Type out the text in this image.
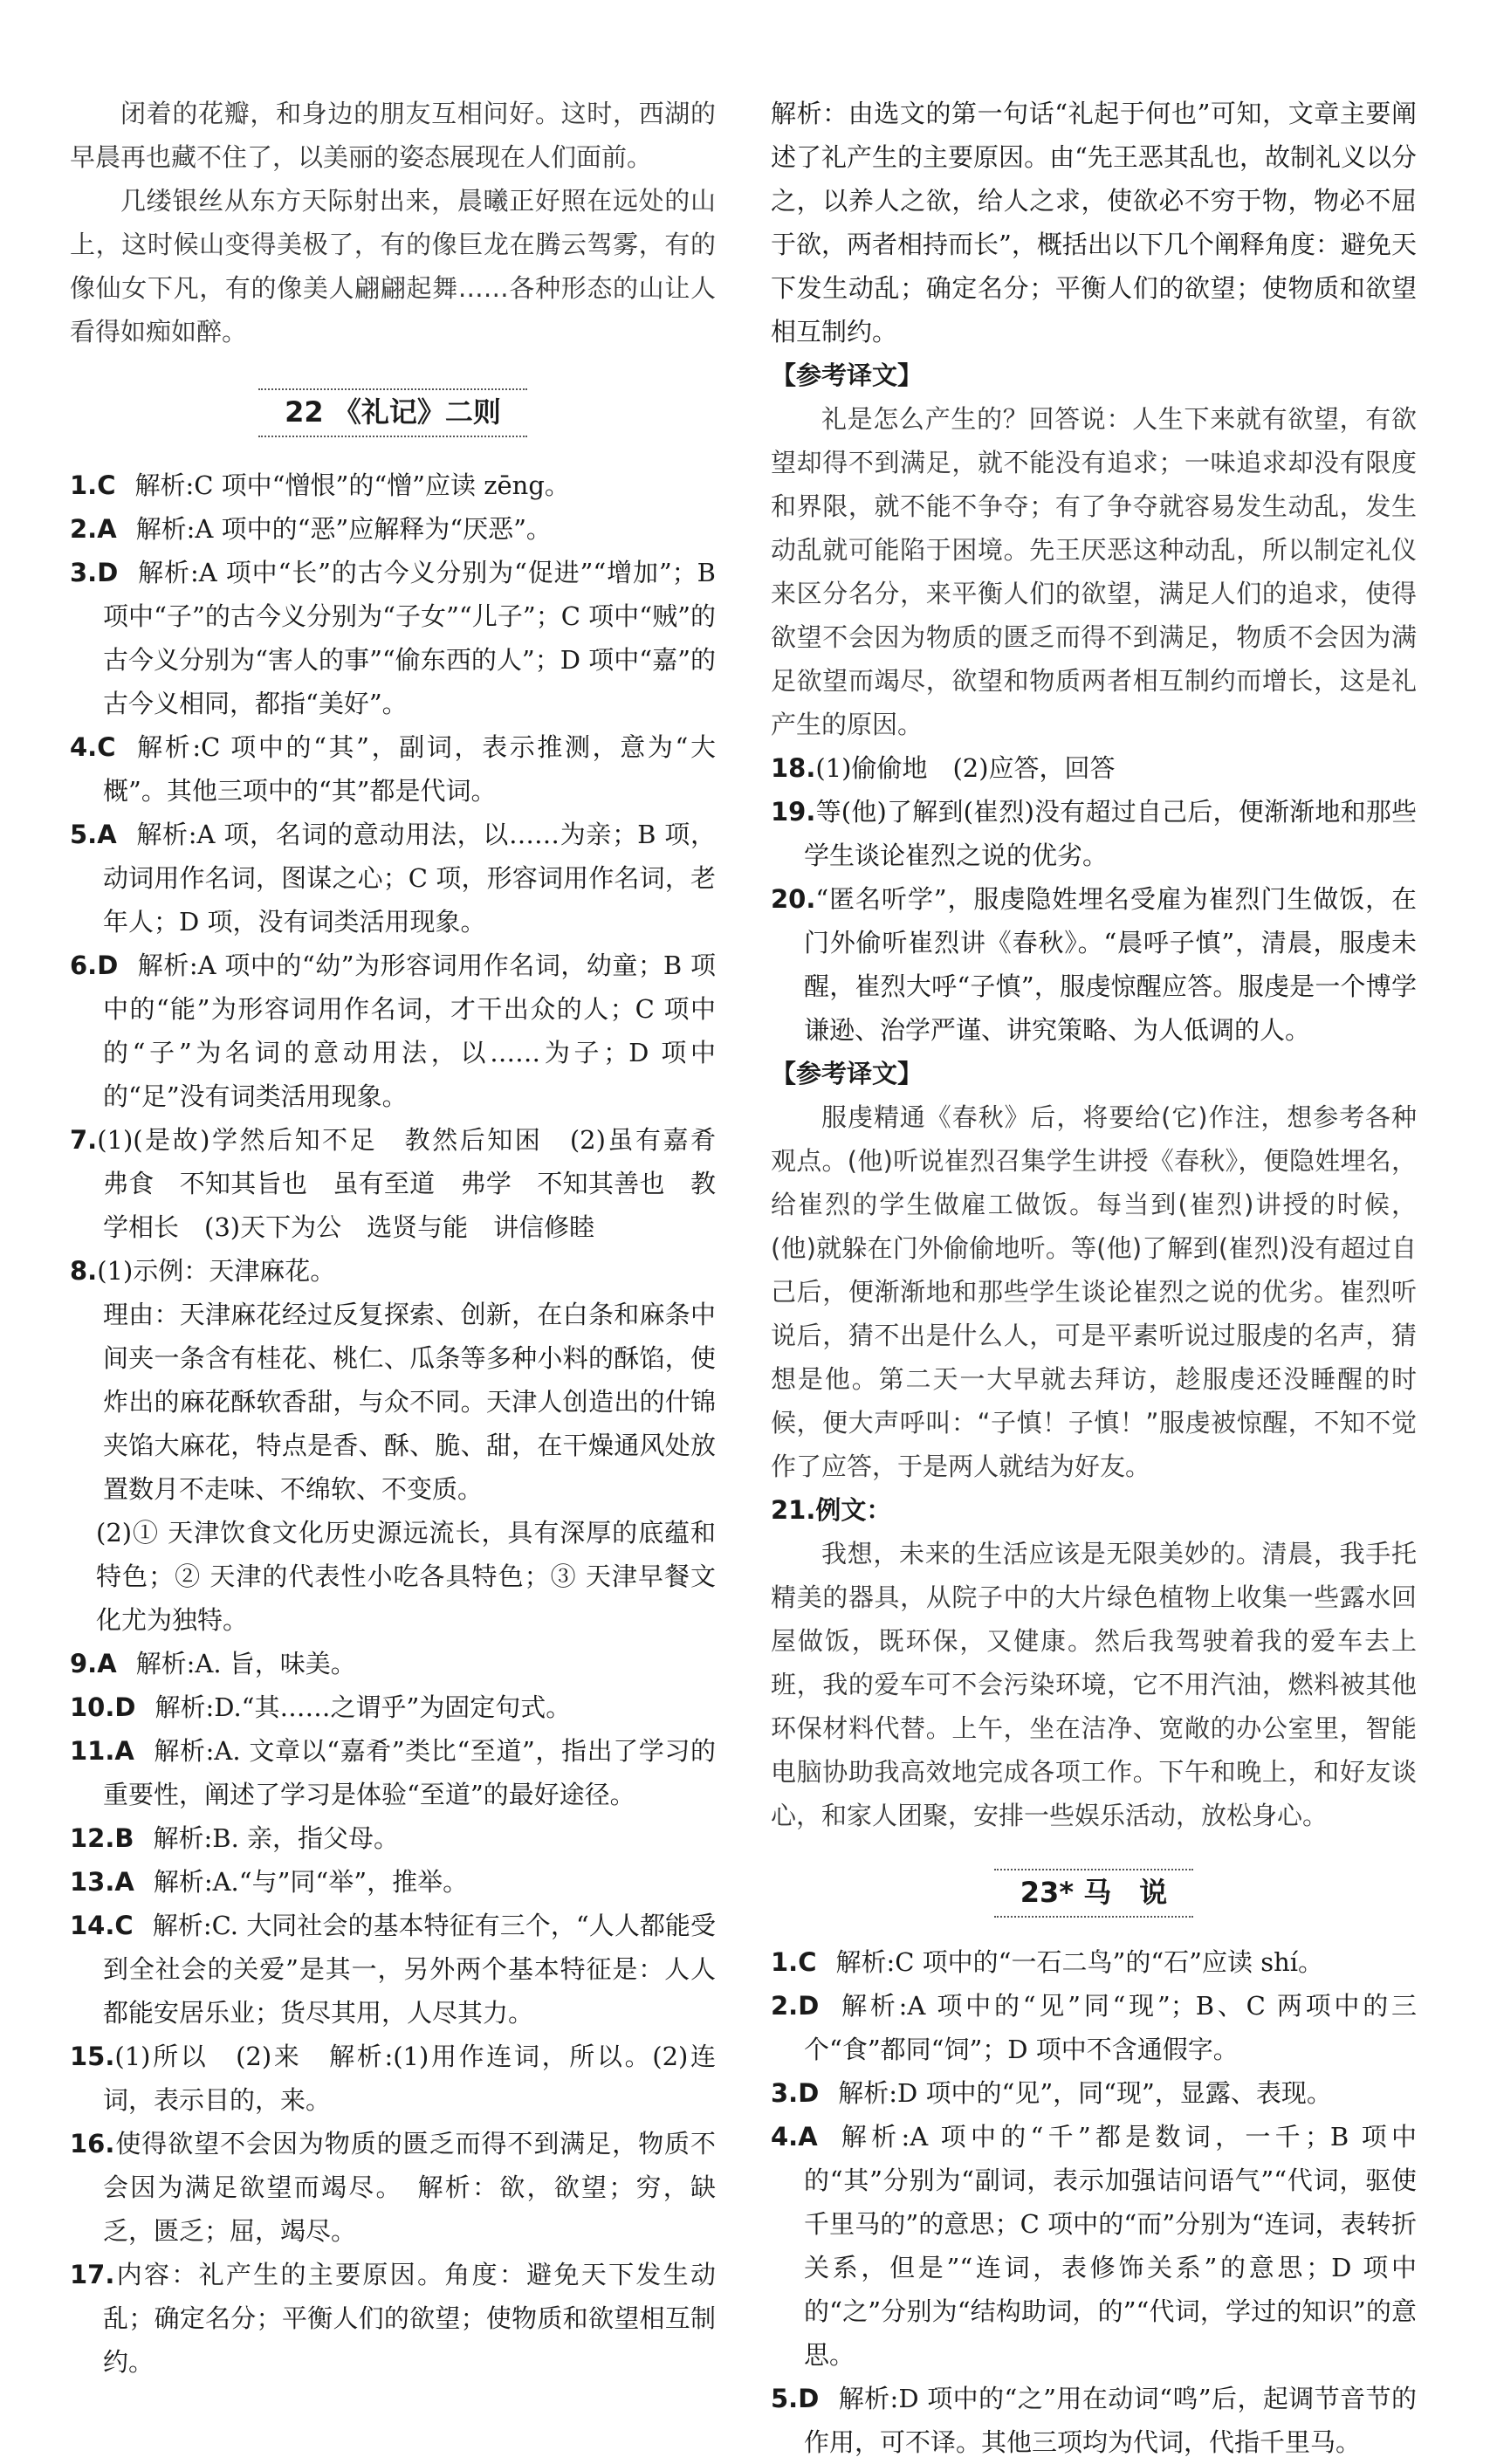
闭着的花瓣，和身边的朋友互相问好。这时，西湖的早晨再也藏不住了，以美丽的姿态展现在人们面前。

几缕银丝从东方天际射出来，晨曦正好照在远处的山上，这时候山变得美极了，有的像巨龙在腾云驾雾，有的像仙女下凡，有的像美人翩翩起舞……各种形态的山让人看得如痴如醉。

22 《礼记》二则

1.C 解析:C 项中“憎恨”的“憎”应读 zēng。

2.A 解析:A 项中的“恶”应解释为“厌恶”。

3.D 解析:A 项中“长”的古今义分别为“促进”“增加”；B 项中“子”的古今义分别为“子女”“儿子”；C 项中“贼”的古今义分别为“害人的事”“偷东西的人”；D 项中“嘉”的古今义相同，都指“美好”。

4.C 解析:C 项中的“其”，副词，表示推测，意为“大概”。其他三项中的“其”都是代词。

5.A 解析:A 项，名词的意动用法，以……为亲；B 项，动词用作名词，图谋之心；C 项，形容词用作名词，老年人；D 项，没有词类活用现象。

6.D 解析:A 项中的“幼”为形容词用作名词，幼童；B 项中的“能”为形容词用作名词，才干出众的人；C 项中的“子”为名词的意动用法，以……为子；D 项中的“足”没有词类活用现象。

7.(1)(是故)学然后知不足　教然后知困　(2)虽有嘉肴　弗食　不知其旨也　虽有至道　弗学　不知其善也　教学相长　(3)天下为公　选贤与能　讲信修睦

8.(1)示例：天津麻花。

理由：天津麻花经过反复探索、创新，在白条和麻条中间夹一条含有桂花、桃仁、瓜条等多种小料的酥馅，使炸出的麻花酥软香甜，与众不同。天津人创造出的什锦夹馅大麻花，特点是香、酥、脆、甜，在干燥通风处放置数月不走味、不绵软、不变质。

(2)① 天津饮食文化历史源远流长，具有深厚的底蕴和特色；② 天津的代表性小吃各具特色；③ 天津早餐文化尤为独特。

9.A 解析:A. 旨，味美。

10.D 解析:D.“其……之谓乎”为固定句式。

11.A 解析:A. 文章以“嘉肴”类比“至道”，指出了学习的重要性，阐述了学习是体验“至道”的最好途径。

12.B 解析:B. 亲，指父母。

13.A 解析:A.“与”同“举”，推举。

14.C 解析:C. 大同社会的基本特征有三个，“人人都能受到全社会的关爱”是其一，另外两个基本特征是：人人都能安居乐业；货尽其用，人尽其力。

15.(1)所以　(2)来　解析:(1)用作连词，所以。(2)连词，表示目的，来。

16.使得欲望不会因为物质的匮乏而得不到满足，物质不会因为满足欲望而竭尽。　解析：欲，欲望；穷，缺乏，匮乏；屈，竭尽。

17.内容：礼产生的主要原因。角度：避免天下发生动乱；确定名分；平衡人们的欲望；使物质和欲望相互制约。

解析：由选文的第一句话“礼起于何也”可知，文章主要阐述了礼产生的主要原因。由“先王恶其乱也，故制礼义以分之，以养人之欲，给人之求，使欲必不穷于物，物必不屈于欲，两者相持而长”，概括出以下几个阐释角度：避免天下发生动乱；确定名分；平衡人们的欲望；使物质和欲望相互制约。

【参考译文】

礼是怎么产生的？回答说：人生下来就有欲望，有欲望却得不到满足，就不能没有追求；一味追求却没有限度和界限，就不能不争夺；有了争夺就容易发生动乱，发生动乱就可能陷于困境。先王厌恶这种动乱，所以制定礼仪来区分名分，来平衡人们的欲望，满足人们的追求，使得欲望不会因为物质的匮乏而得不到满足，物质不会因为满足欲望而竭尽，欲望和物质两者相互制约而增长，这是礼产生的原因。

18.(1)偷偷地　(2)应答，回答

19.等(他)了解到(崔烈)没有超过自己后，便渐渐地和那些学生谈论崔烈之说的优劣。

20.“匿名听学”，服虔隐姓埋名受雇为崔烈门生做饭，在门外偷听崔烈讲《春秋》。“晨呼子慎”，清晨，服虔未醒，崔烈大呼“子慎”，服虔惊醒应答。服虔是一个博学谦逊、治学严谨、讲究策略、为人低调的人。

【参考译文】

服虔精通《春秋》后，将要给(它)作注，想参考各种观点。(他)听说崔烈召集学生讲授《春秋》，便隐姓埋名，给崔烈的学生做雇工做饭。每当到(崔烈)讲授的时候，(他)就躲在门外偷偷地听。等(他)了解到(崔烈)没有超过自己后，便渐渐地和那些学生谈论崔烈之说的优劣。崔烈听说后，猜不出是什么人，可是平素听说过服虔的名声，猜想是他。第二天一大早就去拜访，趁服虔还没睡醒的时候，便大声呼叫：“子慎！子慎！”服虔被惊醒，不知不觉作了应答，于是两人就结为好友。

21.例文：

我想，未来的生活应该是无限美妙的。清晨，我手托精美的器具，从院子中的大片绿色植物上收集一些露水回屋做饭，既环保，又健康。然后我驾驶着我的爱车去上班，我的爱车可不会污染环境，它不用汽油，燃料被其他环保材料代替。上午，坐在洁净、宽敞的办公室里，智能电脑协助我高效地完成各项工作。下午和晚上，和好友谈心，和家人团聚，安排一些娱乐活动，放松身心。

23* 马　说

1.C 解析:C 项中的“一石二鸟”的“石”应读 shí。

2.D 解析:A 项中的“见”同“现”；B、C 两项中的三个“食”都同“饲”；D 项中不含通假字。

3.D 解析:D 项中的“见”，同“现”，显露、表现。

4.A 解析:A 项中的“千”都是数词，一千；B 项中的“其”分别为“副词，表示加强诘问语气”“代词，驱使千里马的”的意思；C 项中的“而”分别为“连词，表转折关系，但是”“连词，表修饰关系”的意思；D 项中的“之”分别为“结构助词，的”“代词，学过的知识”的意思。

5.D 解析:D 项中的“之”用在动词“鸣”后，起调节音节的作用，可不译。其他三项均为代词，代指千里马。
